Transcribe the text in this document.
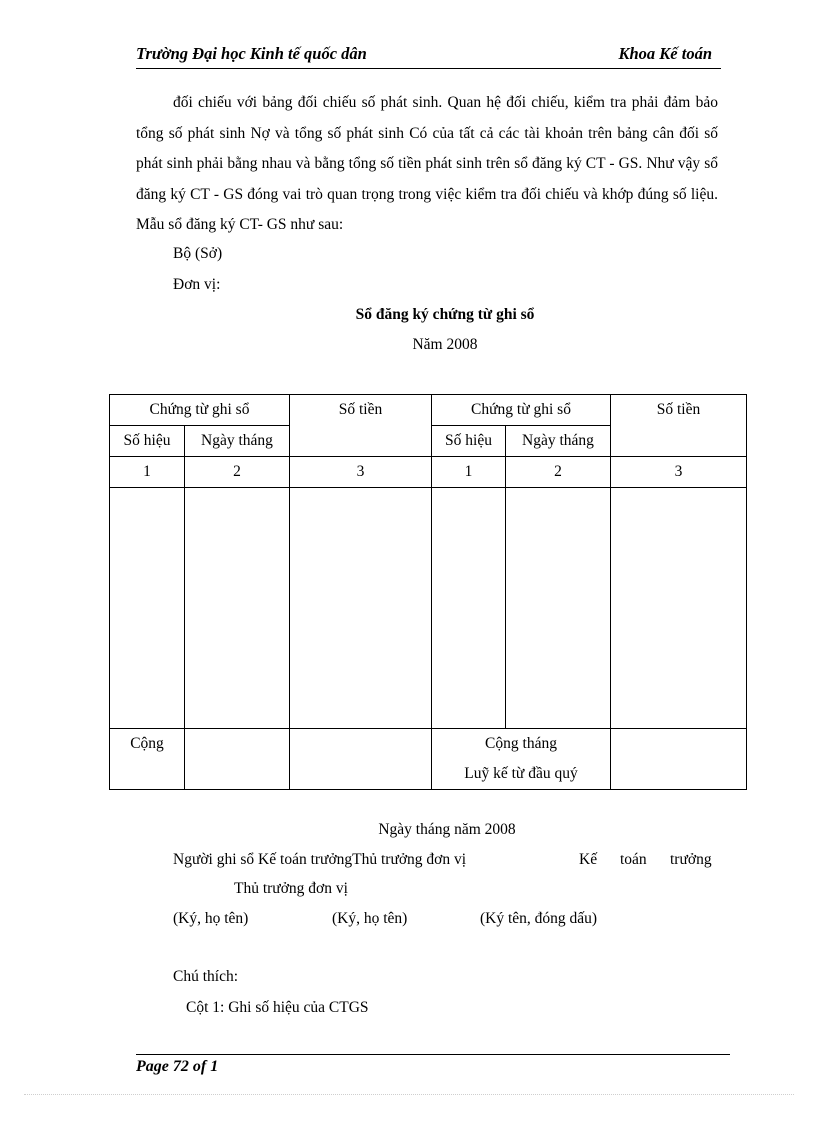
Trường Đại học Kinh tế quốc dân	Khoa Kế toán

đối chiếu với bảng đối chiếu số phát sinh. Quan hệ đối chiếu, kiểm tra phải đảm bảo tổng số phát sinh Nợ và tổng số phát sinh Có của tất cả các tài khoản trên bảng cân đối số phát sinh phải bằng nhau và bằng tổng số tiền phát sinh trên sổ đăng ký CT - GS. Như vậy sổ đăng ký CT - GS đóng vai trò quan trọng trong việc kiểm tra đối chiếu và khớp đúng số liệu. Mẫu sổ đăng ký CT- GS như sau:

Bộ (Sở)
Đơn vị:
Sổ đăng ký chứng từ ghi sổ
Năm 2008
Chứng từ ghi sổ		Số tiền	Chứng từ ghi sổ		Số tiền
Số hiệu	Ngày tháng		Số hiệu	Ngày tháng	
1	2	3	1	2	3

Cộng			Cộng tháng
Luỹ kế từ đầu quý		

Ngày tháng năm 2008
Người ghi sổ Kế toán trưởngThủ trưởng đơn vị	Kế toán trưởng
Thủ trưởng đơn vị
(Ký, họ tên)	(Ký, họ tên)	(Ký tên, đóng dấu)
Chú thích:
Cột 1: Ghi số hiệu của CTGS
Page 72 of 1
